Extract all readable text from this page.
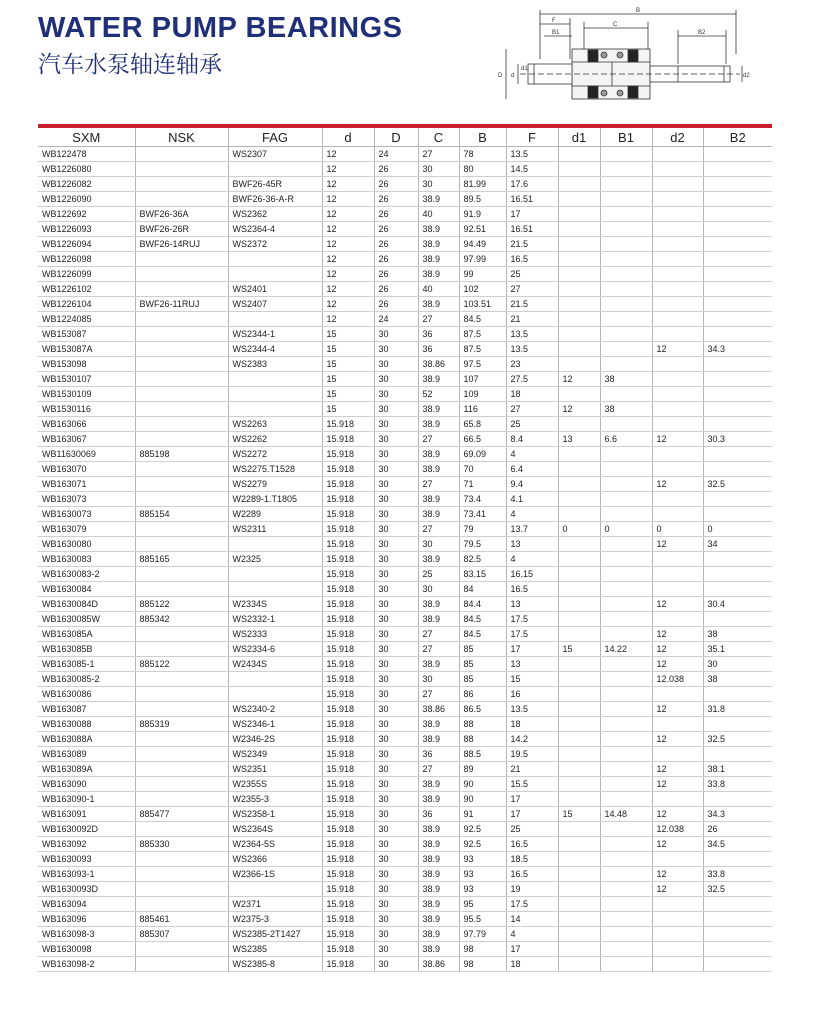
WATER PUMP BEARINGS
汽车水泵轴连轴承
B
F
C
B1	B2
D d
d1
d2
SXM	NSK	FAG	d	D	C	B	F	d1	B1	d2	B2
WB122478		WS2307	12	24	27	78	13.5				
WB1226080			12	26	30	80	14.5				
WB1226082		BWF26-45R	12	26	30	81.99	17.6				
WB1226090		BWF26-36-A-R	12	26	38.9	89.5	16.51				
WB122692	BWF26-36A	WS2362	12	26	40	91.9	17				
WB1226093	BWF26-26R	WS2364-4	12	26	38.9	92.51	16.51				
WB1226094	BWF26-14RUJ	WS2372	12	26	38.9	94.49	21.5				
WB1226098			12	26	38.9	97.99	16.5				
WB1226099			12	26	38.9	99	25				
WB1226102		WS2401	12	26	40	102	27				
WB1226104	BWF26-11RUJ	WS2407	12	26	38.9	103.51	21.5				
WB1224085			12	24	27	84.5	21				
WB153087		WS2344-1	15	30	36	87.5	13.5				
WB153087A		WS2344-4	15	30	36	87.5	13.5			12	34.3
WB153098		WS2383	15	30	38.86	97.5	23				
WB1530107			15	30	38.9	107	27.5	12	38		
WB1530109			15	30	52	109	18				
WB1530116			15	30	38.9	116	27	12	38		
WB163066		WS2263	15.918	30	38.9	65.8	25				
WB163067		WS2262	15.918	30	27	66.5	8.4	13	6.6	12	30.3
WB11630069	885198	WS2272	15.918	30	38.9	69.09	4				
WB163070		WS2275.T1528	15.918	30	38.9	70	6.4				
WB163071		WS2279	15.918	30	27	71	9.4			12	32.5
WB163073		W2289-1.T1805	15.918	30	38.9	73.4	4.1				
WB1630073	885154	W2289	15.918	30	38.9	73.41	4				
WB163079		WS2311	15.918	30	27	79	13.7	0	0	0	0
WB1630080			15.918	30	30	79.5	13			12	34
WB1630083	885165	W2325	15.918	30	38.9	82.5	4				
WB1630083-2			15.918	30	25	83.15	16.15				
WB1630084			15.918	30	30	84	16.5				
WB1630084D	885122	W2334S	15.918	30	38.9	84.4	13			12	30.4
WB1630085W	885342	WS2332-1	15.918	30	38.9	84.5	17.5				
WB163085A		WS2333	15.918	30	27	84.5	17.5			12	38
WB163085B		WS2334-6	15.918	30	27	85	17	15	14.22	12	35.1
WB163085-1	885122	W2434S	15.918	30	38.9	85	13			12	30
WB1630085-2			15.918	30	30	85	15			12.038	38
WB1630086			15.918	30	27	86	16				
WB163087		WS2340-2	15.918	30	38.86	86.5	13.5			12	31.8
WB1630088	885319	WS2346-1	15.918	30	38.9	88	18				
WB163088A		W2346-2S	15.918	30	38.9	88	14.2			12	32.5
WB163089		WS2349	15.918	30	36	88.5	19.5				
WB163089A		WS2351	15.918	30	27	89	21			12	38.1
WB163090		W2355S	15.918	30	38.9	90	15.5			12	33.8
WB163090-1		W2355-3	15.918	30	38.9	90	17				
WB163091	885477	WS2358-1	15.918	30	36	91	17	15	14.48	12	34.3
WB1630092D		WS2364S	15.918	30	38.9	92.5	25			12.038	26
WB163092	885330	W2364-5S	15.918	30	38.9	92.5	16.5			12	34.5
WB1630093		WS2366	15.918	30	38.9	93	18.5				
WB163093-1		W2366-1S	15.918	30	38.9	93	16.5			12	33.8
WB1630093D			15.918	30	38.9	93	19			12	32.5
WB163094		W2371	15.918	30	38.9	95	17.5				
WB163096	885461	W2375-3	15.918	30	38.9	95.5	14				
WB163098-3	885307	WS2385-2T1427	15.918	30	38.9	97.79	4				
WB1630098		WS2385	15.918	30	38.9	98	17				
WB163098-2		WS2385-8	15.918	30	38.86	98	18				
